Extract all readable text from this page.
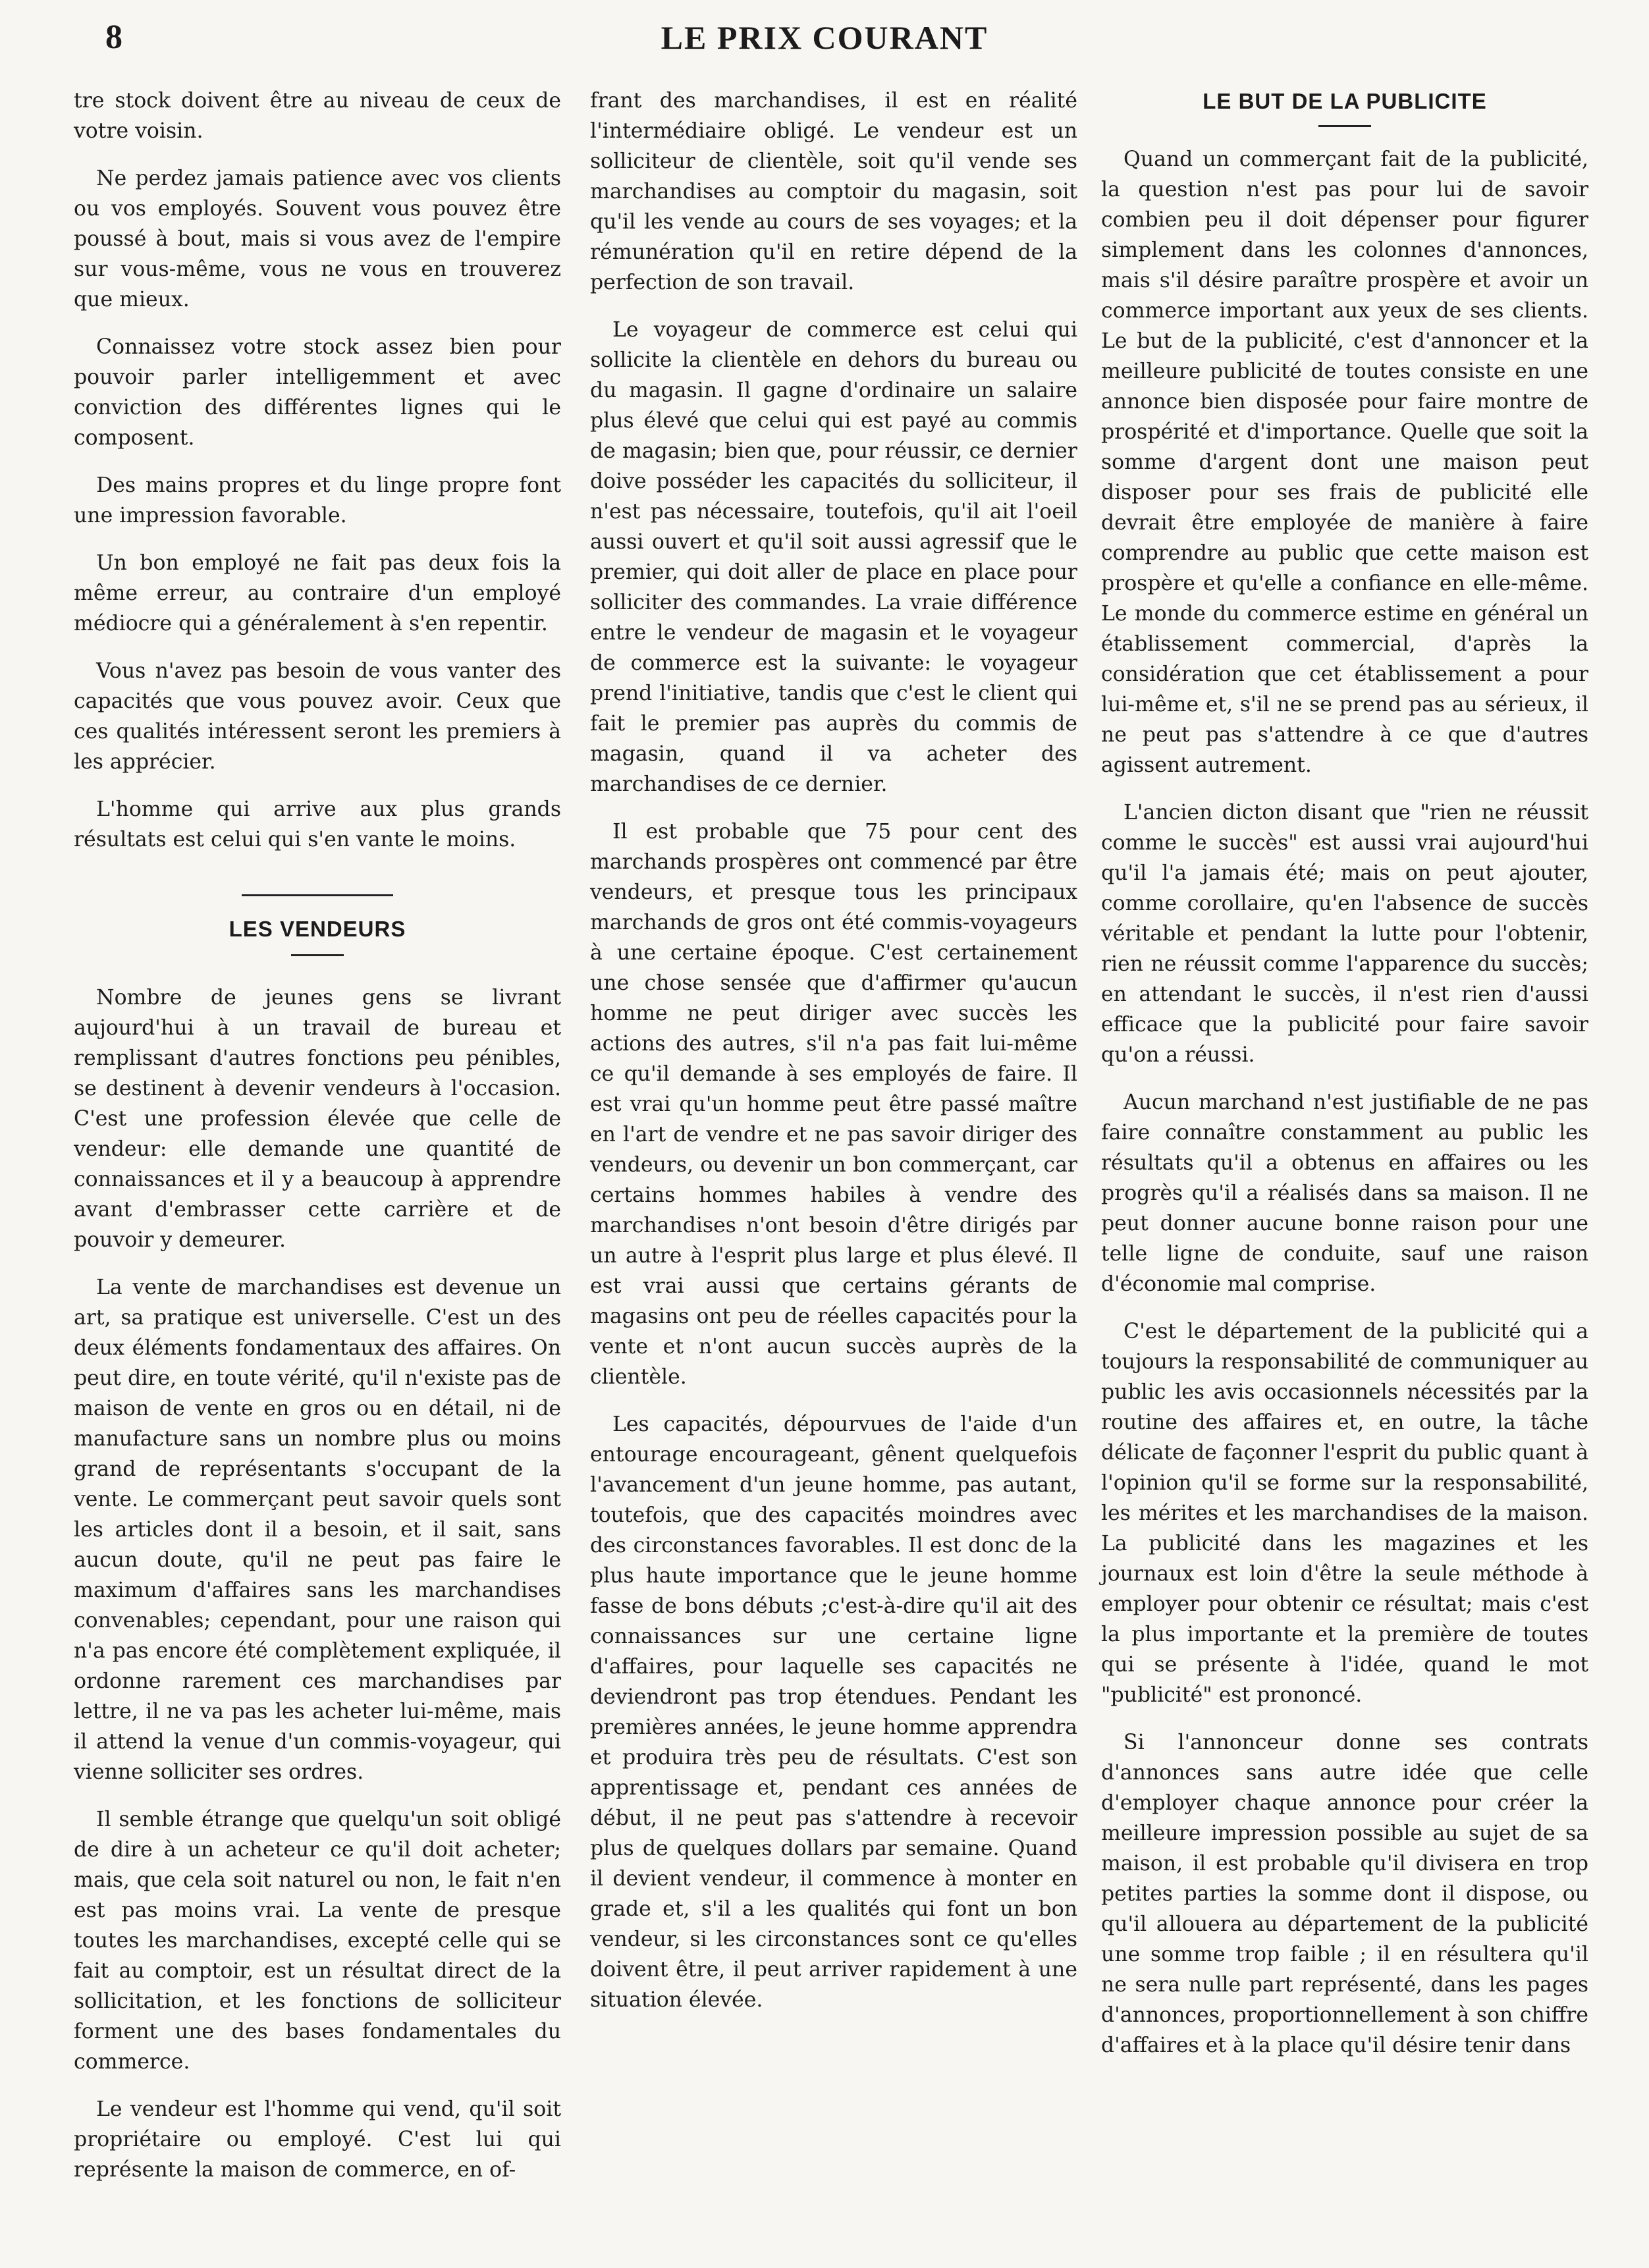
8	LE PRIX COURANT

tre stock doivent être au niveau de ceux de votre voisin.

Ne perdez jamais patience avec vos clients ou vos employés. Souvent vous pouvez être poussé à bout, mais si vous avez de l'empire sur vous-même, vous ne vous en trouverez que mieux.

Connaissez votre stock assez bien pour pouvoir parler intelligemment et avec conviction des différentes lignes qui le composent.

Des mains propres et du linge propre font une impression favorable.

Un bon employé ne fait pas deux fois la même erreur, au contraire d'un employé médiocre qui a généralement à s'en repentir.

Vous n'avez pas besoin de vous vanter des capacités que vous pouvez avoir. Ceux que ces qualités intéressent seront les premiers à les apprécier.

L'homme qui arrive aux plus grands résultats est celui qui s'en vante le moins.

LES VENDEURS

Nombre de jeunes gens se livrant aujourd'hui à un travail de bureau et remplissant d'autres fonctions peu pénibles, se destinent à devenir vendeurs à l'occasion. C'est une profession élevée que celle de vendeur: elle demande une quantité de connaissances et il y a beaucoup à apprendre avant d'embrasser cette carrière et de pouvoir y demeurer.

La vente de marchandises est devenue un art, sa pratique est universelle. C'est un des deux éléments fondamentaux des affaires. On peut dire, en toute vérité, qu'il n'existe pas de maison de vente en gros ou en détail, ni de manufacture sans un nombre plus ou moins grand de représentants s'occupant de la vente. Le commerçant peut savoir quels sont les articles dont il a besoin, et il sait, sans aucun doute, qu'il ne peut pas faire le maximum d'affaires sans les marchandises convenables; cependant, pour une raison qui n'a pas encore été complètement expliquée, il ordonne rarement ces marchandises par lettre, il ne va pas les acheter lui-même, mais il attend la venue d'un commis-voyageur, qui vienne solliciter ses ordres.

Il semble étrange que quelqu'un soit obligé de dire à un acheteur ce qu'il doit acheter; mais, que cela soit naturel ou non, le fait n'en est pas moins vrai. La vente de presque toutes les marchandises, excepté celle qui se fait au comptoir, est un résultat direct de la sollicitation, et les fonctions de solliciteur forment une des bases fondamentales du commerce.

Le vendeur est l'homme qui vend, qu'il soit propriétaire ou employé. C'est lui qui représente la maison de commerce, en of-

frant des marchandises, il est en réalité l'intermédiaire obligé. Le vendeur est un solliciteur de clientèle, soit qu'il vende ses marchandises au comptoir du magasin, soit qu'il les vende au cours de ses voyages; et la rémunération qu'il en retire dépend de la perfection de son travail.

Le voyageur de commerce est celui qui sollicite la clientèle en dehors du bureau ou du magasin. Il gagne d'ordinaire un salaire plus élevé que celui qui est payé au commis de magasin; bien que, pour réussir, ce dernier doive posséder les capacités du solliciteur, il n'est pas nécessaire, toutefois, qu'il ait l'oeil aussi ouvert et qu'il soit aussi agressif que le premier, qui doit aller de place en place pour solliciter des commandes. La vraie différence entre le vendeur de magasin et le voyageur de commerce est la suivante: le voyageur prend l'initiative, tandis que c'est le client qui fait le premier pas auprès du commis de magasin, quand il va acheter des marchandises de ce dernier.

Il est probable que 75 pour cent des marchands prospères ont commencé par être vendeurs, et presque tous les principaux marchands de gros ont été commis-voyageurs à une certaine époque. C'est certainement une chose sensée que d'affirmer qu'aucun homme ne peut diriger avec succès les actions des autres, s'il n'a pas fait lui-même ce qu'il demande à ses employés de faire. Il est vrai qu'un homme peut être passé maître en l'art de vendre et ne pas savoir diriger des vendeurs, ou devenir un bon commerçant, car certains hommes habiles à vendre des marchandises n'ont besoin d'être dirigés par un autre à l'esprit plus large et plus élevé. Il est vrai aussi que certains gérants de magasins ont peu de réelles capacités pour la vente et n'ont aucun succès auprès de la clientèle.

Les capacités, dépourvues de l'aide d'un entourage encourageant, gênent quelquefois l'avancement d'un jeune homme, pas autant, toutefois, que des capacités moindres avec des circonstances favorables. Il est donc de la plus haute importance que le jeune homme fasse de bons débuts ;c'est-à-dire qu'il ait des connaissances sur une certaine ligne d'affaires, pour laquelle ses capacités ne deviendront pas trop étendues. Pendant les premières années, le jeune homme apprendra et produira très peu de résultats. C'est son apprentissage et, pendant ces années de début, il ne peut pas s'attendre à recevoir plus de quelques dollars par semaine. Quand il devient vendeur, il commence à monter en grade et, s'il a les qualités qui font un bon vendeur, si les circonstances sont ce qu'elles doivent être, il peut arriver rapidement à une situation élevée.

LE BUT DE LA PUBLICITE

Quand un commerçant fait de la publicité, la question n'est pas pour lui de savoir combien peu il doit dépenser pour figurer simplement dans les colonnes d'annonces, mais s'il désire paraître prospère et avoir un commerce important aux yeux de ses clients. Le but de la publicité, c'est d'annoncer et la meilleure publicité de toutes consiste en une annonce bien disposée pour faire montre de prospérité et d'importance. Quelle que soit la somme d'argent dont une maison peut disposer pour ses frais de publicité elle devrait être employée de manière à faire comprendre au public que cette maison est prospère et qu'elle a confiance en elle-même. Le monde du commerce estime en général un établissement commercial, d'après la considération que cet établissement a pour lui-même et, s'il ne se prend pas au sérieux, il ne peut pas s'attendre à ce que d'autres agissent autrement.

L'ancien dicton disant que "rien ne réussit comme le succès" est aussi vrai aujourd'hui qu'il l'a jamais été; mais on peut ajouter, comme corollaire, qu'en l'absence de succès véritable et pendant la lutte pour l'obtenir, rien ne réussit comme l'apparence du succès; en attendant le succès, il n'est rien d'aussi efficace que la publicité pour faire savoir qu'on a réussi.

Aucun marchand n'est justifiable de ne pas faire connaître constamment au public les résultats qu'il a obtenus en affaires ou les progrès qu'il a réalisés dans sa maison. Il ne peut donner aucune bonne raison pour une telle ligne de conduite, sauf une raison d'économie mal comprise.

C'est le département de la publicité qui a toujours la responsabilité de communiquer au public les avis occasionnels nécessités par la routine des affaires et, en outre, la tâche délicate de façonner l'esprit du public quant à l'opinion qu'il se forme sur la responsabilité, les mérites et les marchandises de la maison. La publicité dans les magazines et les journaux est loin d'être la seule méthode à employer pour obtenir ce résultat; mais c'est la plus importante et la première de toutes qui se présente à l'idée, quand le mot "publicité" est prononcé.

Si l'annonceur donne ses contrats d'annonces sans autre idée que celle d'employer chaque annonce pour créer la meilleure impression possible au sujet de sa maison, il est probable qu'il divisera en trop petites parties la somme dont il dispose, ou qu'il allouera au département de la publicité une somme trop faible ; il en résultera qu'il ne sera nulle part représenté, dans les pages d'annonces, proportionnellement à son chiffre d'affaires et à la place qu'il désire tenir dans
